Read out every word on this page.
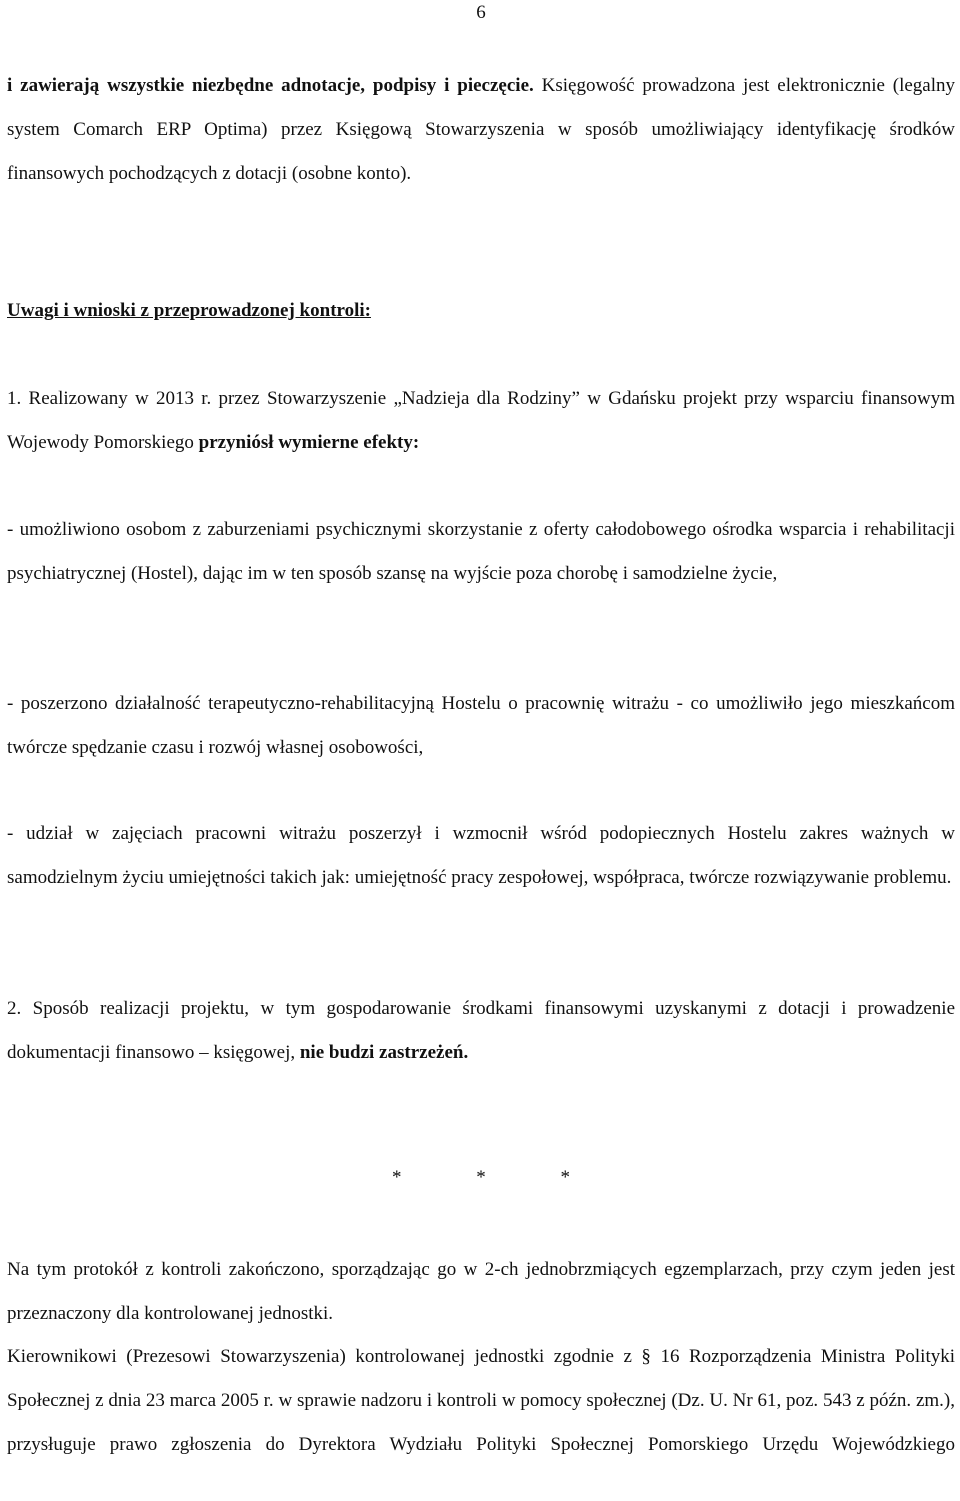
6

i zawierają wszystkie niezbędne adnotacje, podpisy i pieczęcie. Księgowość prowadzona jest elektronicznie (legalny system Comarch ERP Optima) przez Księgową Stowarzyszenia w sposób umożliwiający identyfikację środków finansowych pochodzących z dotacji (osobne konto).

Uwagi i wnioski z przeprowadzonej kontroli:

1. Realizowany w 2013 r. przez Stowarzyszenie „Nadzieja dla Rodziny” w Gdańsku projekt przy wsparciu finansowym Wojewody Pomorskiego przyniósł wymierne efekty:

- umożliwiono osobom z zaburzeniami psychicznymi skorzystanie z oferty całodobowego ośrodka wsparcia i rehabilitacji psychiatrycznej (Hostel), dając im w ten sposób szansę na wyjście poza chorobę i samodzielne życie,

- poszerzono działalność terapeutyczno-rehabilitacyjną Hostelu o pracownię witrażu - co umożliwiło jego mieszkańcom twórcze spędzanie czasu i rozwój własnej osobowości,

- udział w zajęciach pracowni witrażu poszerzył i wzmocnił wśród podopiecznych Hostelu zakres ważnych w samodzielnym życiu umiejętności takich jak: umiejętność pracy zespołowej, współpraca, twórcze rozwiązywanie problemu.

2. Sposób realizacji projektu, w tym gospodarowanie środkami finansowymi uzyskanymi z dotacji i prowadzenie dokumentacji finansowo – księgowej, nie budzi zastrzeżeń.

* * *

Na tym protokół z kontroli zakończono, sporządzając go w 2-ch jednobrzmiących egzemplarzach, przy czym jeden jest przeznaczony dla kontrolowanej jednostki.

Kierownikowi (Prezesowi Stowarzyszenia) kontrolowanej jednostki zgodnie z § 16 Rozporządzenia Ministra Polityki Społecznej z dnia 23 marca 2005 r. w sprawie nadzoru i kontroli w pomocy społecznej (Dz. U. Nr 61, poz. 543 z późn. zm.), przysługuje prawo zgłoszenia do Dyrektora Wydziału Polityki Społecznej Pomorskiego Urzędu Wojewódzkiego
